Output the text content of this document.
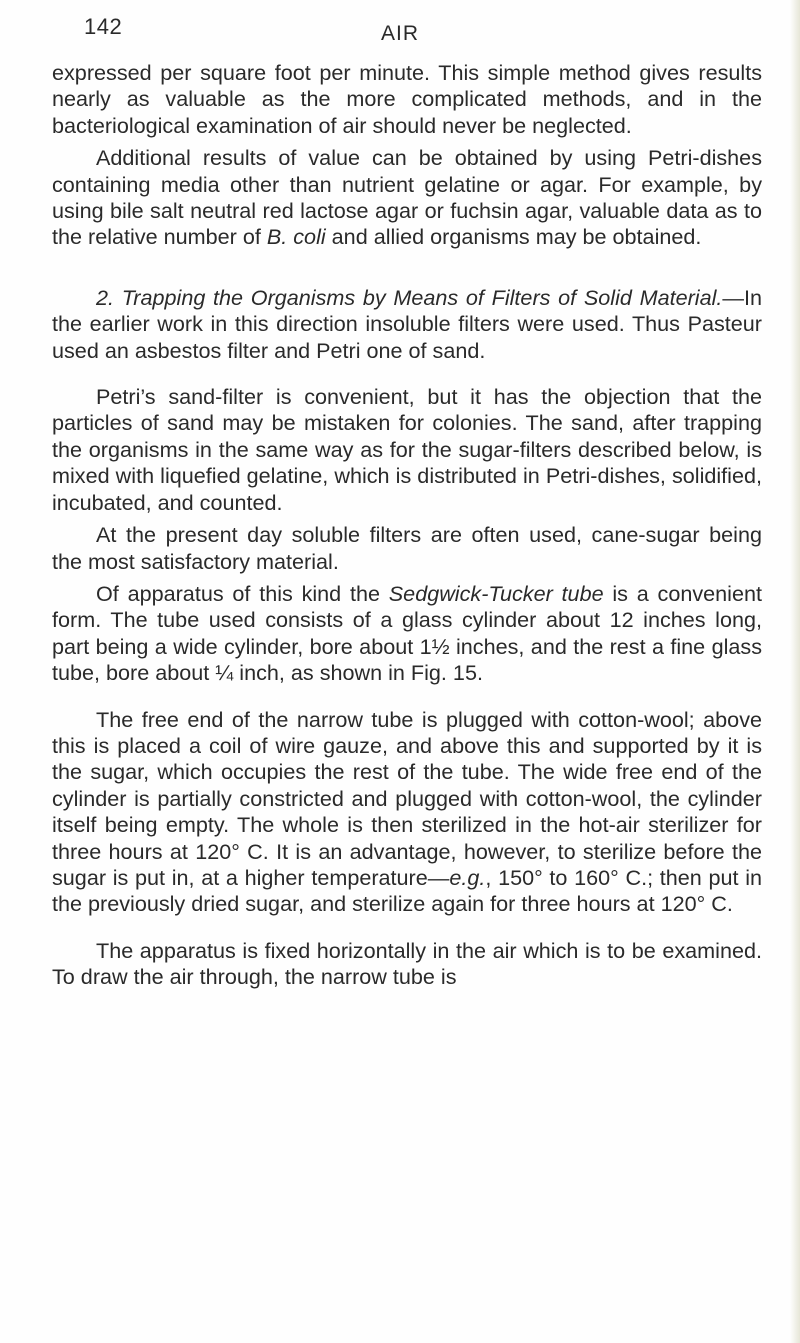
142	AIR

expressed per square foot per minute. This simple method gives results nearly as valuable as the more complicated methods, and in the bacteriological examination of air should never be neglected.

Additional results of value can be obtained by using Petri-dishes containing media other than nutrient gelatine or agar. For example, by using bile salt neutral red lactose agar or fuchsin agar, valuable data as to the relative number of B. coli and allied organisms may be obtained.

2. Trapping the Organisms by Means of Filters of Solid Material.—In the earlier work in this direction insoluble filters were used. Thus Pasteur used an asbestos filter and Petri one of sand.

Petri’s sand-filter is convenient, but it has the objection that the particles of sand may be mistaken for colonies. The sand, after trapping the organisms in the same way as for the sugar-filters described below, is mixed with liquefied gelatine, which is distributed in Petri-dishes, solidified, incubated, and counted.

At the present day soluble filters are often used, cane-sugar being the most satisfactory material.

Of apparatus of this kind the Sedgwick-Tucker tube is a convenient form. The tube used consists of a glass cylinder about 12 inches long, part being a wide cylinder, bore about 1½ inches, and the rest a fine glass tube, bore about ¼ inch, as shown in Fig. 15.

The free end of the narrow tube is plugged with cotton-wool; above this is placed a coil of wire gauze, and above this and supported by it is the sugar, which occupies the rest of the tube. The wide free end of the cylinder is partially constricted and plugged with cotton-wool, the cylinder itself being empty. The whole is then sterilized in the hot-air sterilizer for three hours at 120° C. It is an advantage, however, to sterilize before the sugar is put in, at a higher temperature—e.g., 150° to 160° C.; then put in the previously dried sugar, and sterilize again for three hours at 120° C.

The apparatus is fixed horizontally in the air which is to be examined. To draw the air through, the narrow tube is
